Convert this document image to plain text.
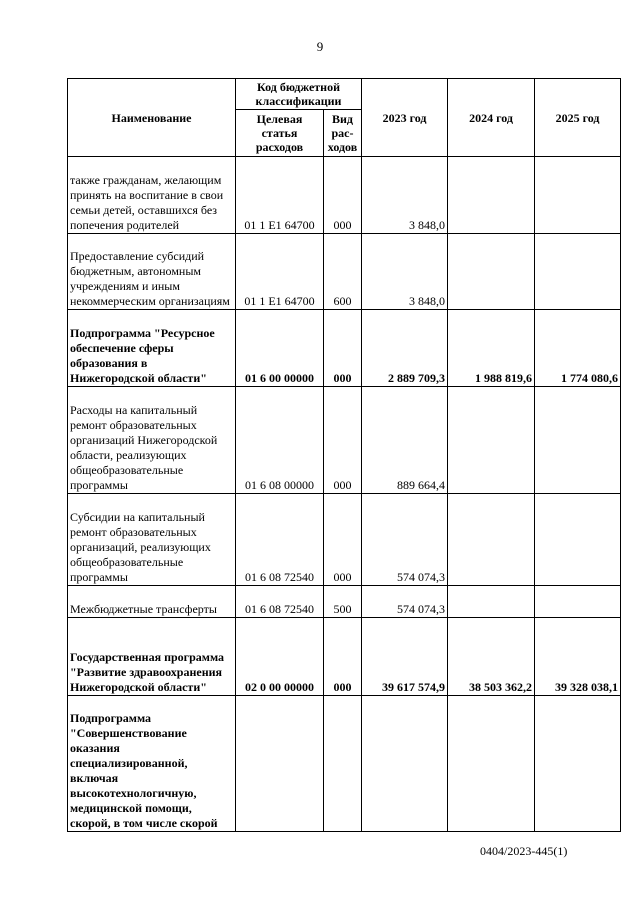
9
Наименование	Код бюджетной классификации		2023 год	2024 год	2025 год
	Целевая статья расходов	Вид рас- ходов			
также гражданам, желающим принять на воспитание в свои семьи детей, оставшихся без попечения родителей	01 1 E1 64700	000	3 848,0		
Предоставление субсидий бюджетным, автономным учреждениям и иным некоммерческим организациям	01 1 E1 64700	600	3 848,0		
Подпрограмма "Ресурсное обеспечение сферы образования в Нижегородской области"	01 6 00 00000	000	2 889 709,3	1 988 819,6	1 774 080,6
Расходы на капитальный ремонт образовательных организаций Нижегородской области, реализующих общеобразовательные программы	01 6 08 00000	000	889 664,4		
Субсидии на капитальный ремонт образовательных организаций, реализующих общеобразовательные программы	01 6 08 72540	000	574 074,3		
Межбюджетные трансферты	01 6 08 72540	500	574 074,3		
Государственная программа "Развитие здравоохранения Нижегородской области"	02 0 00 00000	000	39 617 574,9	38 503 362,2	39 328 038,1
Подпрограмма "Совершенствование оказания специализированной, включая высокотехнологичную, медицинской помощи, скорой, в том числе скорой					
0404/2023-445(1)
